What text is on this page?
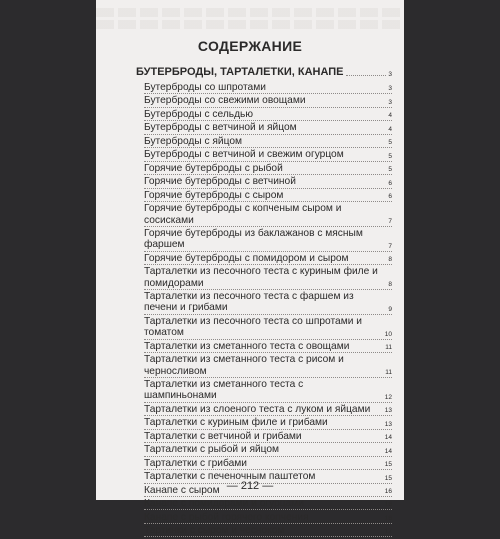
СОДЕРЖАНИЕ
БУТЕРБРОДЫ, ТАРТАЛЕТКИ, КАНАПЕ	3
Бутерброды со шпротами	3
Бутерброды со свежими овощами	3
Бутерброды с сельдью	4
Бутерброды с ветчиной и яйцом	4
Бутерброды с яйцом	5
Бутерброды с ветчиной и свежим огурцом	5
Горячие бутерброды с рыбой	5
Горячие бутерброды с ветчиной	6
Горячие бутерброды с сыром	6
Горячие бутерброды с копченым сыром и сосисками	7
Горячие бутерброды из баклажанов с мясным фаршем	7
Горячие бутерброды с помидором и сыром	8
Тарталетки из песочного теста с куриным филе и помидорами	8
Тарталетки из песочного теста с фаршем из печени и грибами	9
Тарталетки из песочного теста со шпротами и томатом	10
Тарталетки из сметанного теста с овощами	11
Тарталетки из сметанного теста с рисом и черносливом	11
Тарталетки из сметанного теста с шампиньонами	12
Тарталетки из слоеного теста с луком и яйцами	13
Тарталетки с куриным филе и грибами	13
Тарталетки с ветчиной и грибами	14
Тарталетки с рыбой и яйцом	14
Тарталетки с грибами	15
Тарталетки с печеночным паштетом	15
Канапе с сыром	16
Канапе с помидорами и огурцами	16
Канапе с рыбой горячего копчения	16
Тартинки с сыром и чесноком	17
— 212 —
